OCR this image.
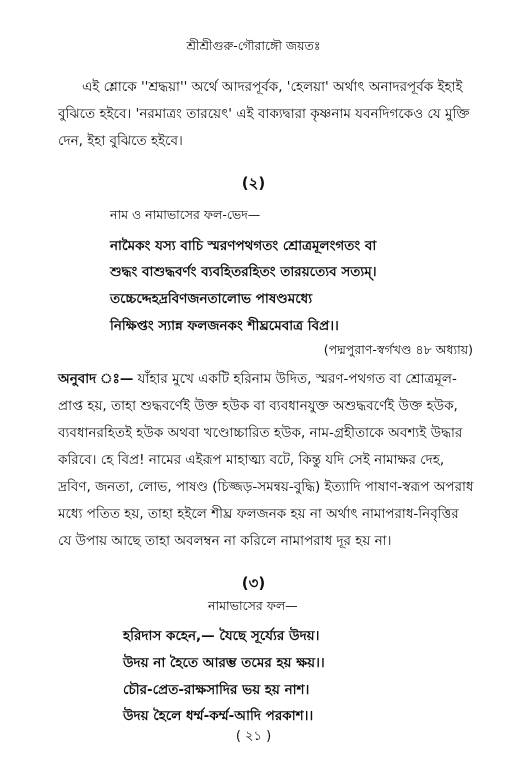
শ্রীশ্রীগুরু-গৌরাঙ্গৌ জয়তঃ
এই শ্লোকে ''শ্রদ্ধয়া'' অর্থে আদরপূর্বক, 'হেলয়া' অর্থাৎ অনাদরপূর্বক ইহাই
বুঝিতে হইবে। 'নরমাত্রং তারয়েৎ' এই বাক্যদ্বারা কৃষ্ণনাম যবনদিগকেও যে মুক্তি
দেন, ইহা বুঝিতে হইবে।
(২)
নাম ও নামাভাসের ফল-ভেদ—
নামৈকং যস্য বাচি স্মরণপথগতং শ্রোত্রমূলংগতং বা
শুদ্ধং বাশুদ্ধবর্ণং ব্যবহিতরহিতং তারয়ত্যেব সত্যম্।
তচ্চেদ্দেহদ্রবিণজনতালোভ পাষণ্ডমধ্যে
নিক্ষিপ্তং স্যান্ন ফলজনকং শীঘ্রমেবাত্র বিপ্র।।
(পদ্মপুরাণ-স্বর্গখণ্ড ৪৮ অধ্যায়)
অনুবাদ ঃ— যাঁহার মুখে একটি হরিনাম উদিত, স্মরণ-পথগত বা শ্রোত্রমূল-
প্রাপ্ত হয়, তাহা শুদ্ধবর্ণেই উক্ত হউক বা ব্যবধানযুক্ত অশুদ্ধবর্ণেই উক্ত হউক,
ব্যবধানরহিতই হউক অথবা খণ্ডোচ্চারিত হউক, নাম-গ্রহীতাকে অবশ্যই উদ্ধার
করিবে। হে বিপ্র! নামের এইরূপ মাহাত্ম্য বটে, কিন্তু যদি সেই নামাক্ষর দেহ,
দ্রবিণ, জনতা, লোভ, পাষণ্ড (চিজ্জড়-সমন্বয়-বুদ্ধি) ইত্যাদি পাষাণ-স্বরূপ অপরাধ
মধ্যে পতিত হয়, তাহা হইলে শীঘ্র ফলজনক হয় না অর্থাৎ নামাপরাধ-নিবৃত্তির
যে উপায় আছে তাহা অবলম্বন না করিলে নামাপরাধ দূর হয় না।
(৩)
নামাভাসের ফল—
হরিদাস কহেন,— যৈছে সূর্য্যের উদয়।
উদয় না হৈতে আরম্ভ তমের হয় ক্ষয়।।
চৌর-প্রেত-রাক্ষসাদির ভয় হয় নাশ।
উদয় হৈলে ধর্ম্ম-কর্ম্ম-আদি পরকাশ।।
( ২১ )
